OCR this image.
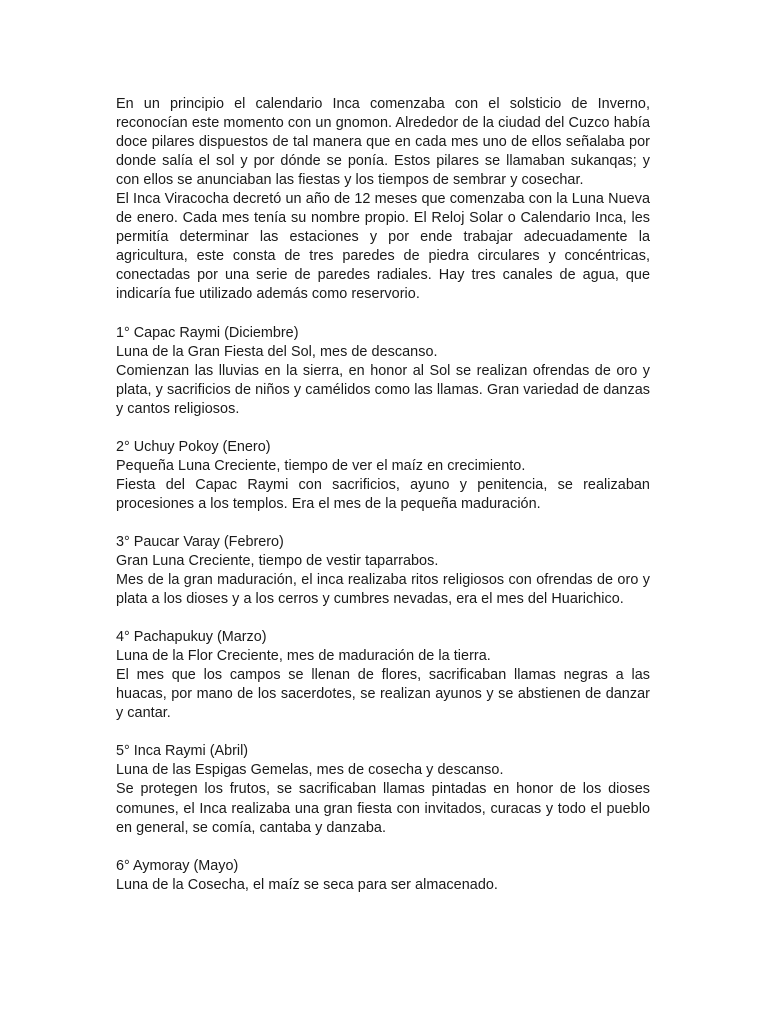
En un principio el calendario Inca comenzaba con el solsticio de Inverno, reconocían este momento con un gnomon. Alrededor de la ciudad del Cuzco había doce pilares dispuestos de tal manera que en cada mes uno de ellos señalaba por donde salía el sol y por dónde se ponía. Estos pilares se llamaban sukanqas; y con ellos se anunciaban las fiestas y los tiempos de sembrar y cosechar.

El Inca Viracocha decretó un año de 12 meses que comenzaba con la Luna Nueva de enero. Cada mes tenía su nombre propio. El Reloj Solar o Calendario Inca, les permitía determinar las estaciones y por ende trabajar adecuadamente la agricultura, este consta de tres paredes de piedra circulares y concéntricas, conectadas por una serie de paredes radiales. Hay tres canales de agua, que indicaría fue utilizado además como reservorio.

1° Capac Raymi (Diciembre)

Luna de la Gran Fiesta del Sol, mes de descanso.

Comienzan las lluvias en la sierra, en honor al Sol se realizan ofrendas de oro y plata, y sacrificios de niños y camélidos como las llamas. Gran variedad de danzas y cantos religiosos.

2° Uchuy Pokoy (Enero)

Pequeña Luna Creciente, tiempo de ver el maíz en crecimiento.

Fiesta del Capac Raymi con sacrificios, ayuno y penitencia, se realizaban procesiones a los templos. Era el mes de la pequeña maduración.

3° Paucar Varay (Febrero)

Gran Luna Creciente, tiempo de vestir taparrabos.

Mes de la gran maduración, el inca realizaba ritos religiosos con ofrendas de oro y plata a los dioses y a los cerros y cumbres nevadas, era el mes del Huarichico.

4° Pachapukuy (Marzo)

Luna de la Flor Creciente, mes de maduración de la tierra.

El mes que los campos se llenan de flores, sacrificaban llamas negras a las huacas, por mano de los sacerdotes, se realizan ayunos y se abstienen de danzar y cantar.

5° Inca Raymi (Abril)

Luna de las Espigas Gemelas, mes de cosecha y descanso.

Se protegen los frutos, se sacrificaban llamas pintadas en honor de los dioses comunes, el Inca realizaba una gran fiesta con invitados, curacas y todo el pueblo en general, se comía, cantaba y danzaba.

6° Aymoray (Mayo)

Luna de la Cosecha, el maíz se seca para ser almacenado.
